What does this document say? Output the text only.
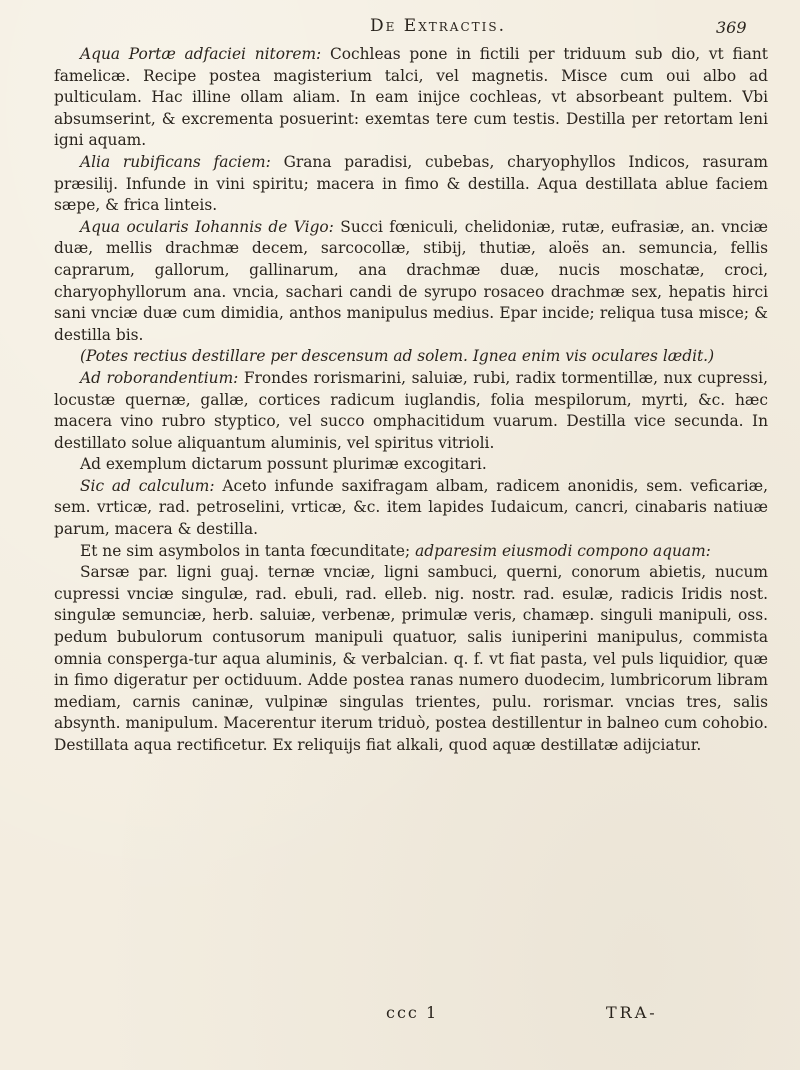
De Extractis.	369

Aqua Portæ adfaciei nitorem: Cochleas pone in fictili per triduum sub dio, vt fiant famelicæ. Recipe postea magisterium talci, vel magnetis. Misce cum oui albo ad pulticulam. Hac illine ollam aliam. In eam inijce cochleas, vt absorbeant pultem. Vbi absumserint, & excrementa posuerint: exemtas tere cum testis. Destilla per retortam leni igni aquam.

Alia rubificans faciem: Grana paradisi, cubebas, charyophyllos Indicos, rasuram præsilij. Infunde in vini spiritu; macera in fimo & destilla. Aqua destillata ablue faciem sæpe, & frica linteis.

Aqua ocularis Iohannis de Vigo: Succi fœniculi, chelidoniæ, rutæ, eufrasiæ, an. vnciæ duæ, mellis drachmæ decem, sarcocollæ, stibij, thutiæ, aloës an. semuncia, fellis caprarum, gallorum, gallinarum, ana drachmæ duæ, nucis moschatæ, croci, charyophyllorum ana. vncia, sachari candi de syrupo rosaceo drachmæ sex, hepatis hirci sani vnciæ duæ cum dimidia, anthos manipulus medius. Epar incide; reliqua tusa misce; & destilla bis.

(Potes rectius destillare per descensum ad solem. Ignea enim vis oculares lædit.)

Ad roborandentium: Frondes rorismarini, saluiæ, rubi, radix tormentillæ, nux cupressi, locustæ quernæ, gallæ, cortices radicum iuglandis, folia mespilorum, myrti, &c. hæc macera vino rubro styptico, vel succo omphacitidum vuarum. Destilla vice secunda. In destillato solue aliquantum aluminis, vel spiritus vitrioli.

Ad exemplum dictarum possunt plurimæ excogitari.

Sic ad calculum: Aceto infunde saxifragam albam, radicem anonidis, sem. veficariæ, sem. vrticæ, rad. petroselini, vrticæ, &c. item lapides Iudaicum, cancri, cinabaris natiuæ parum, macera & destilla.

Et ne sim asymbolos in tanta fœcunditate; adparesim eiusmodi compono aquam:

Sarsæ par. ligni guaj. ternæ vnciæ, ligni sambuci, querni, conorum abietis, nucum cupressi vnciæ singulæ, rad. ebuli, rad. elleb. nig. nostr. rad. esulæ, radicis Iridis nost. singulæ semunciæ, herb. saluiæ, verbenæ, primulæ veris, chamæp. singuli manipuli, oss. pedum bubulorum contusorum manipuli quatuor, salis iuniperini manipulus, commista omnia consperga-tur aqua aluminis, & verbalcian. q. f. vt fiat pasta, vel puls liquidior, quæ in fimo digeratur per octiduum. Adde postea ranas numero duodecim, lumbricorum libram mediam, carnis caninæ, vulpinæ singulas trientes, pulu. rorismar. vncias tres, salis absynth. manipulum. Macerentur iterum triduò, postea destillentur in balneo cum cohobio. Destillata aqua rectificetur. Ex reliquijs fiat alkali, quod aquæ destillatæ adijciatur.

ccc 1	TRA-
